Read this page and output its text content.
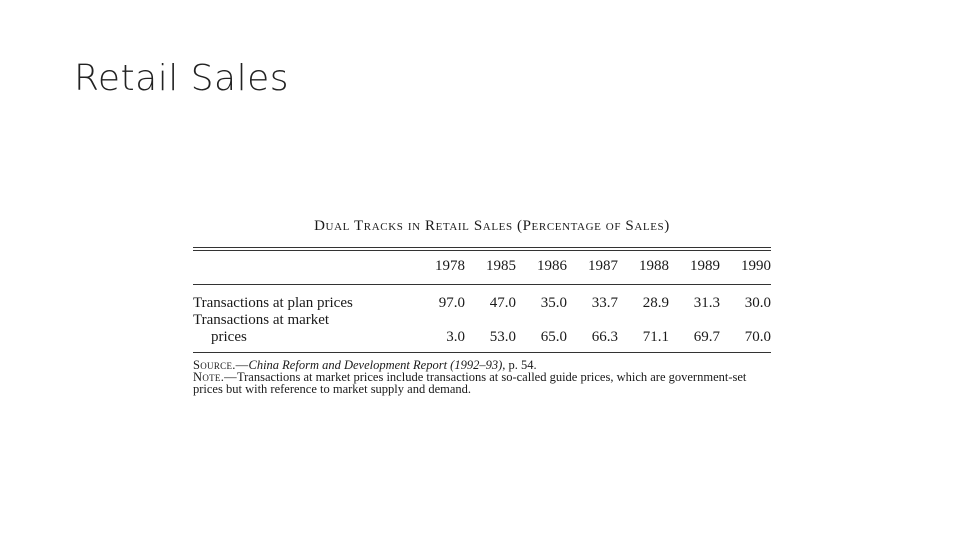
Retail Sales
Dual Tracks in Retail Sales (Percentage of Sales)
	1978	1985	1986	1987	1988	1989	1990
Transactions at plan prices	97.0	47.0	35.0	33.7	28.9	31.3	30.0
Transactions at market
prices	3.0	53.0	65.0	66.3	71.1	69.7	70.0
Source.—China Reform and Development Report (1992–93), p. 54.
Note.—Transactions at market prices include transactions at so-called guide prices, which are government-set prices but with reference to market supply and demand.
